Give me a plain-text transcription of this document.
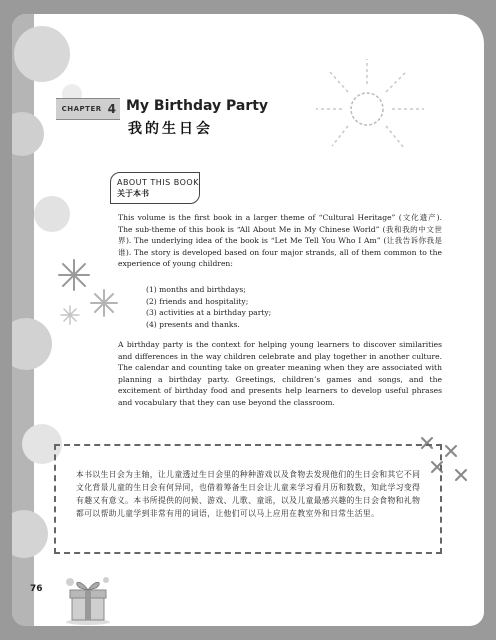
CHAPTER 4 My Birthday Party
我的生日会
ABOUT THIS BOOK
关于本书

This volume is the first book in a larger theme of “Cultural Heritage” (文化遗产). The sub-theme of this book is “All About Me in My Chinese World” (我和我的中文世界). The underlying idea of the book is “Let Me Tell You Who I Am” (让我告诉你我是谁). The story is developed based on four major strands, all of them common to the experience of young children:

(1) months and birthdays;
(2) friends and hospitality;
(3) activities at a birthday party;
(4) presents and thanks.

A birthday party is the context for helping young learners to discover similarities and differences in the way children celebrate and play together in another culture. The calendar and counting take on greater meaning when they are associated with planning a birthday party. Greetings, children’s games and songs, and the excitement of birthday food and presents help learners to develop useful phrases and vocabulary that they can use beyond the classroom.

本书以生日会为主轴，让儿童透过生日会里的种种游戏以及食物去发现他们的生日会和其它不同文化背景儿童的生日会有何异同，也借着筹备生日会让儿童来学习看月历和数数，知此学习变得有趣又有意义。本书所提供的问候、游戏、儿歌、童谣，以及儿童最感兴趣的生日会食物和礼物都可以帮助儿童学到非常有用的词语，让他们可以马上应用在教室外和日常生活里。

76
